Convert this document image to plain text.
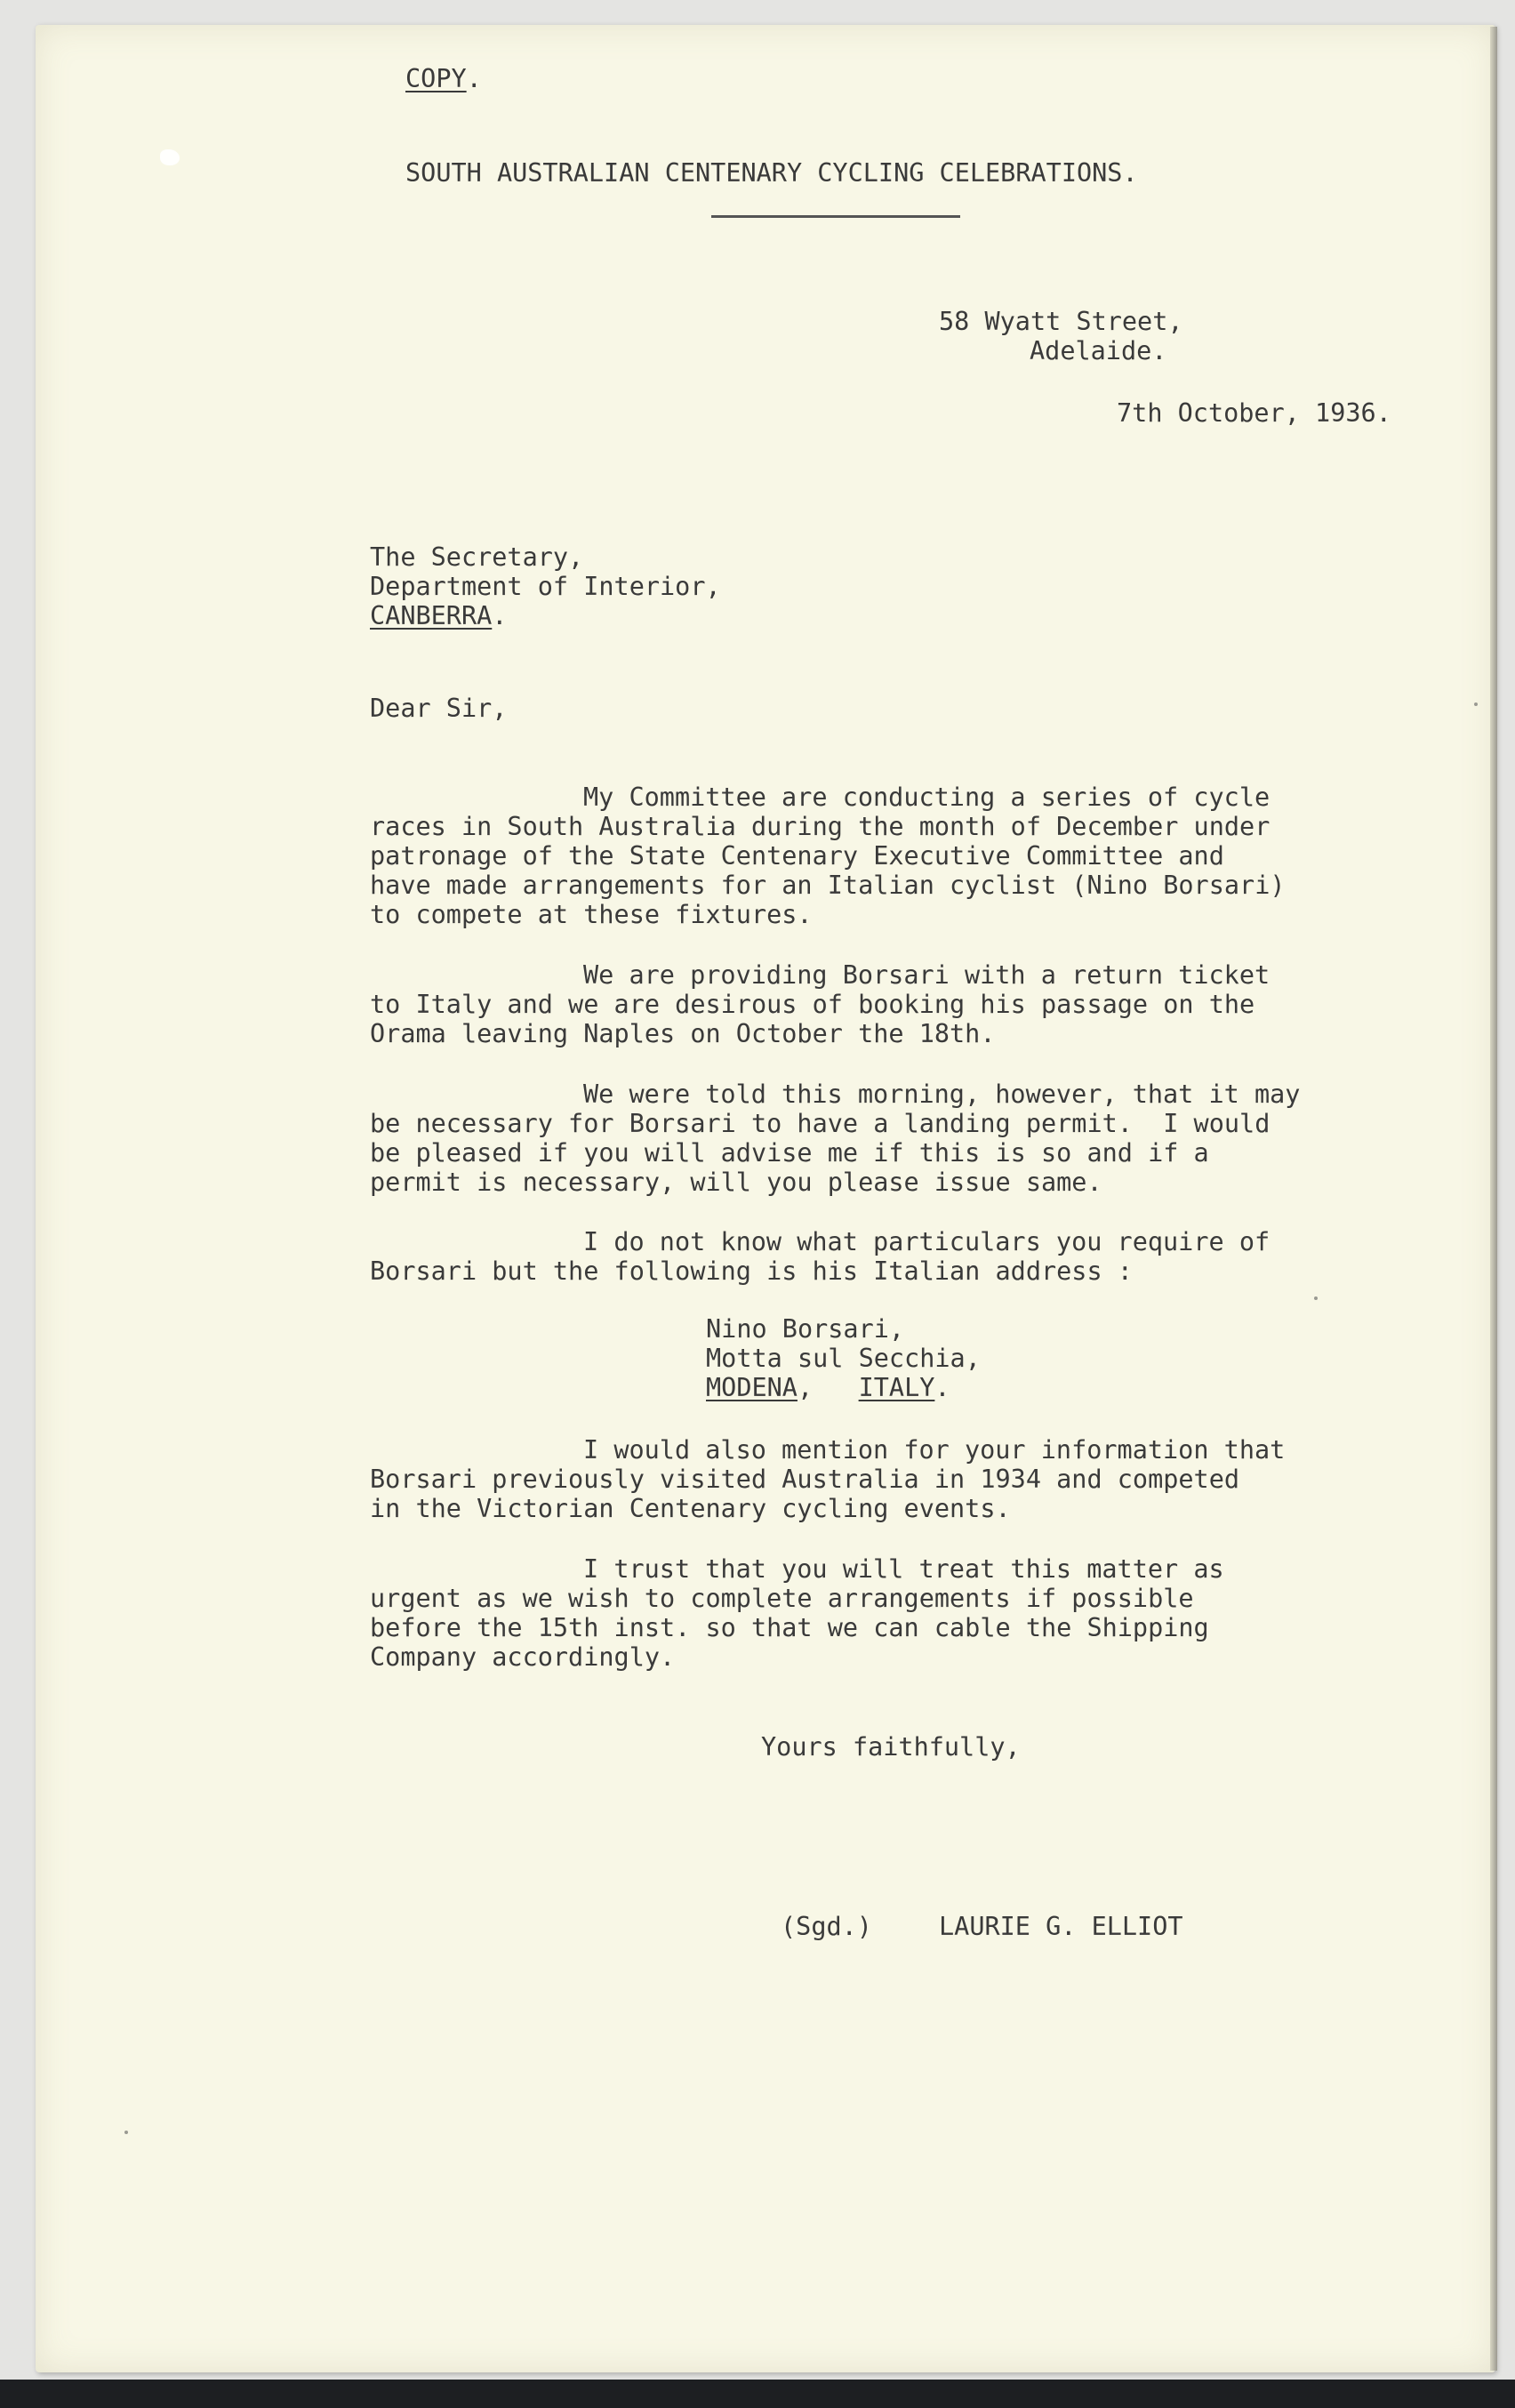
COPY.
SOUTH AUSTRALIAN CENTENARY CYCLING CELEBRATIONS.
58 Wyatt Street,
Adelaide.
7th October, 1936.
The Secretary,
Department of Interior,
CANBERRA.
Dear Sir,
My Committee are conducting a series of cycle
races in South Australia during the month of December under
patronage of the State Centenary Executive Committee and
have made arrangements for an Italian cyclist (Nino Borsari)
to compete at these fixtures.
We are providing Borsari with a return ticket
to Italy and we are desirous of booking his passage on the
Orama leaving Naples on October the 18th.
We were told this morning, however, that it may
be necessary for Borsari to have a landing permit.  I would
be pleased if you will advise me if this is so and if a
permit is necessary, will you please issue same.
I do not know what particulars you require of
Borsari but the following is his Italian address :
Nino Borsari,
Motta sul Secchia,
MODENA, ITALY.
I would also mention for your information that
Borsari previously visited Australia in 1934 and competed
in the Victorian Centenary cycling events.
I trust that you will treat this matter as
urgent as we wish to complete arrangements if possible
before the 15th inst. so that we can cable the Shipping
Company accordingly.
Yours faithfully,
(Sgd.)	LAURIE G. ELLIOT
